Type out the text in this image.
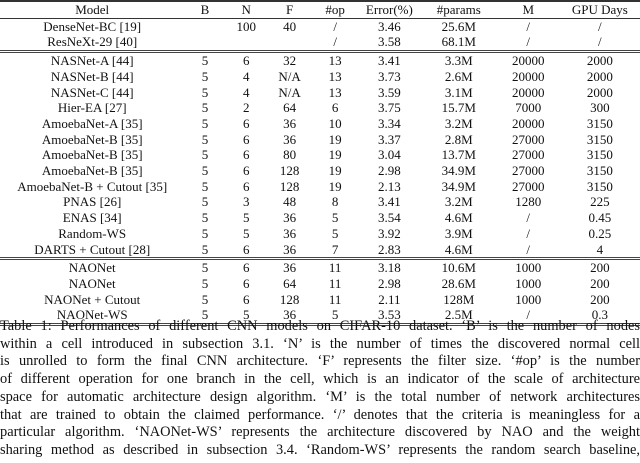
Model	B	N	F	#op	Error(%)	#params	M	GPU Days
DenseNet-BC [19]		100	40	/	3.46	25.6M	/	/
ResNeXt-29 [40]				/	3.58	68.1M	/	/
NASNet-A [44]	5	6	32	13	3.41	3.3M	20000	2000
NASNet-B [44]	5	4	N/A	13	3.73	2.6M	20000	2000
NASNet-C [44]	5	4	N/A	13	3.59	3.1M	20000	2000
Hier-EA [27]	5	2	64	6	3.75	15.7M	7000	300
AmoebaNet-A [35]	5	6	36	10	3.34	3.2M	20000	3150
AmoebaNet-B [35]	5	6	36	19	3.37	2.8M	27000	3150
AmoebaNet-B [35]	5	6	80	19	3.04	13.7M	27000	3150
AmoebaNet-B [35]	5	6	128	19	2.98	34.9M	27000	3150
AmoebaNet-B + Cutout [35]	5	6	128	19	2.13	34.9M	27000	3150
PNAS [26]	5	3	48	8	3.41	3.2M	1280	225
ENAS [34]	5	5	36	5	3.54	4.6M	/	0.45
Random-WS	5	5	36	5	3.92	3.9M	/	0.25
DARTS + Cutout [28]	5	6	36	7	2.83	4.6M	/	4
NAONet	5	6	36	11	3.18	10.6M	1000	200
NAONet	5	6	64	11	2.98	28.6M	1000	200
NAONet + Cutout	5	6	128	11	2.11	128M	1000	200
NAONet-WS	5	5	36	5	3.53	2.5M	/	0.3
Table 1: Performances of different CNN models on CIFAR-10 dataset. ‘B’ is the number of nodes
within a cell introduced in subsection 3.1. ‘N’ is the number of times the discovered normal cell
is unrolled to form the final CNN architecture. ‘F’ represents the filter size. ‘#op’ is the number
of different operation for one branch in the cell, which is an indicator of the scale of architecture
space for automatic architecture design algorithm. ‘M’ is the total number of network architectures
that are trained to obtain the claimed performance. ‘/’ denotes that the criteria is meaningless for a
particular algorithm. ‘NAONet-WS’ represents the architecture discovered by NAO and the weight
sharing method as described in subsection 3.4. ‘Random-WS’ represents the random search baseline,
